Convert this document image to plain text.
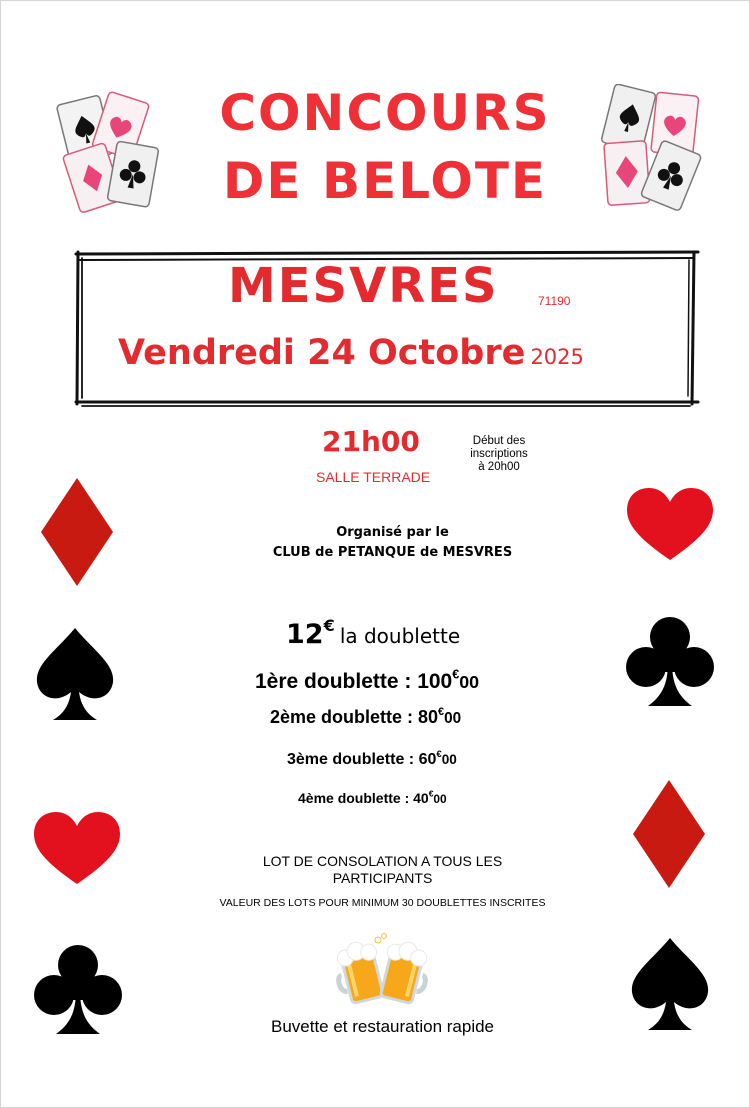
CONCOURS
DE BELOTE
MESVRES	71190
Vendredi 24 Octobre 2025
21h00
SALLE TERRADE
Début des
inscriptions
à 20h00
Organisé par le
CLUB de PETANQUE de MESVRES
12€ la doublette
1ère doublette : 100€00
2ème doublette : 80€00
3ème doublette : 60€00
4ème doublette : 40€00
LOT DE CONSOLATION A TOUS LES
PARTICIPANTS
VALEUR DES LOTS POUR MINIMUM 30 DOUBLETTES INSCRITES
Buvette et restauration rapide
